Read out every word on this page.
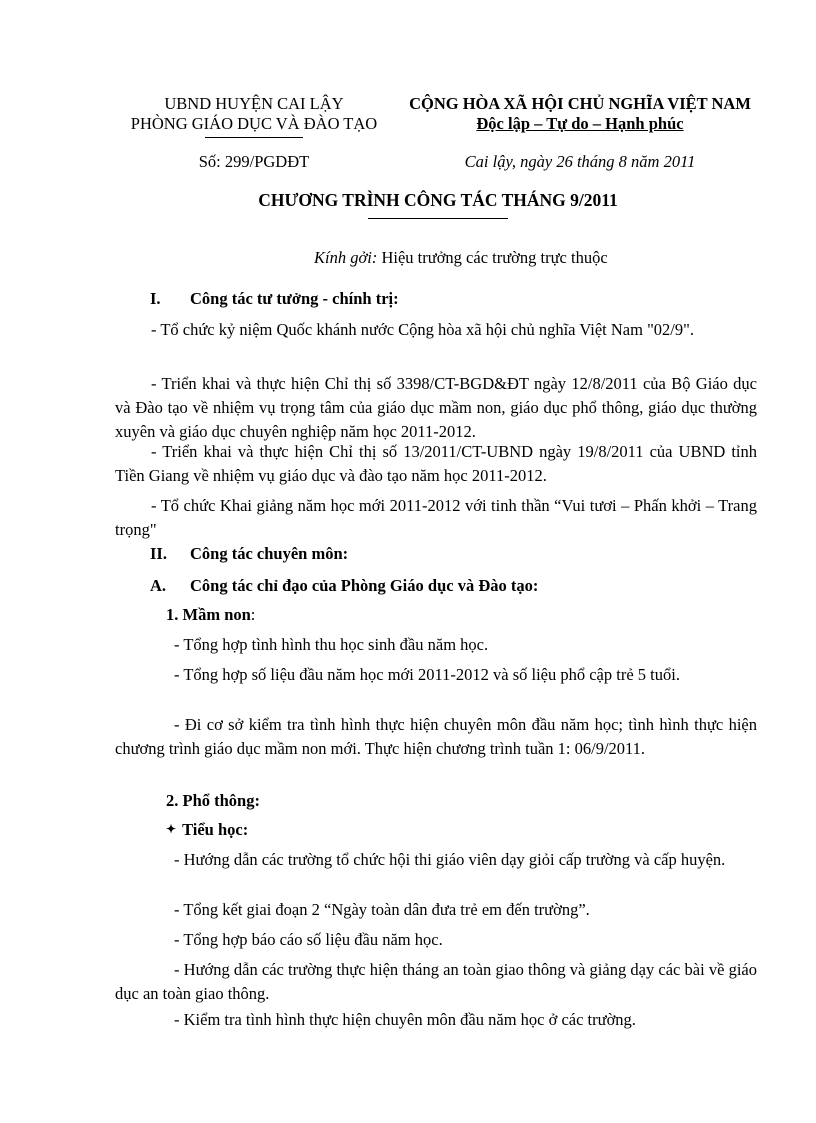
UBND HUYỆN CAI LẬY
PHÒNG GIÁO DỤC VÀ ĐÀO TẠO
CỘNG HÒA XÃ HỘI CHỦ NGHĨA VIỆT NAM
Độc lập – Tự do – Hạnh phúc
Số: 299/PGDĐT	Cai lậy, ngày 26 tháng 8 năm 2011
CHƯƠNG TRÌNH CÔNG TÁC THÁNG 9/2011
Kính gởi: Hiệu trưởng các trường trực thuộc
I. Công tác tư tưởng - chính trị:
- Tổ chức kỷ niệm Quốc khánh nước Cộng hòa xã hội chủ nghĩa Việt Nam "02/9".
- Triển khai và thực hiện Chỉ thị số 3398/CT-BGD&ĐT ngày 12/8/2011 của Bộ Giáo dục và Đào tạo về nhiệm vụ trọng tâm của giáo dục mầm non, giáo dục phổ thông, giáo dục thường xuyên và giáo dục chuyên nghiệp năm học 2011-2012.
- Triển khai và thực hiện Chỉ thị số 13/2011/CT-UBND ngày 19/8/2011 của UBND tỉnh Tiền Giang về nhiệm vụ giáo dục và đào tạo năm học 2011-2012.
- Tổ chức Khai giảng năm học mới 2011-2012 với tinh thần “Vui tươi – Phấn khởi – Trang trọng"
II. Công tác chuyên môn:
A. Công tác chỉ đạo của Phòng Giáo dục và Đào tạo:
1. Mầm non:
- Tổng hợp tình hình thu học sinh đầu năm học.
- Tổng hợp số liệu đầu năm học mới 2011-2012 và số liệu phổ cập trẻ 5 tuổi.
- Đi cơ sở kiểm tra tình hình thực hiện chuyên môn đầu năm học; tình hình thực hiện chương trình giáo dục mầm non mới. Thực hiện chương trình tuần 1: 06/9/2011.
2. Phổ thông:
✦ Tiểu học:
- Hướng dẫn các trường tổ chức hội thi giáo viên dạy giỏi cấp trường và cấp huyện.
- Tổng kết giai đoạn 2 “Ngày toàn dân đưa trẻ em đến trường”.
- Tổng hợp báo cáo số liệu đầu năm học.
- Hướng dẫn các trường thực hiện tháng an toàn giao thông và giảng dạy các bài về giáo dục an toàn giao thông.
- Kiểm tra tình hình thực hiện chuyên môn đầu năm học ở các trường.
